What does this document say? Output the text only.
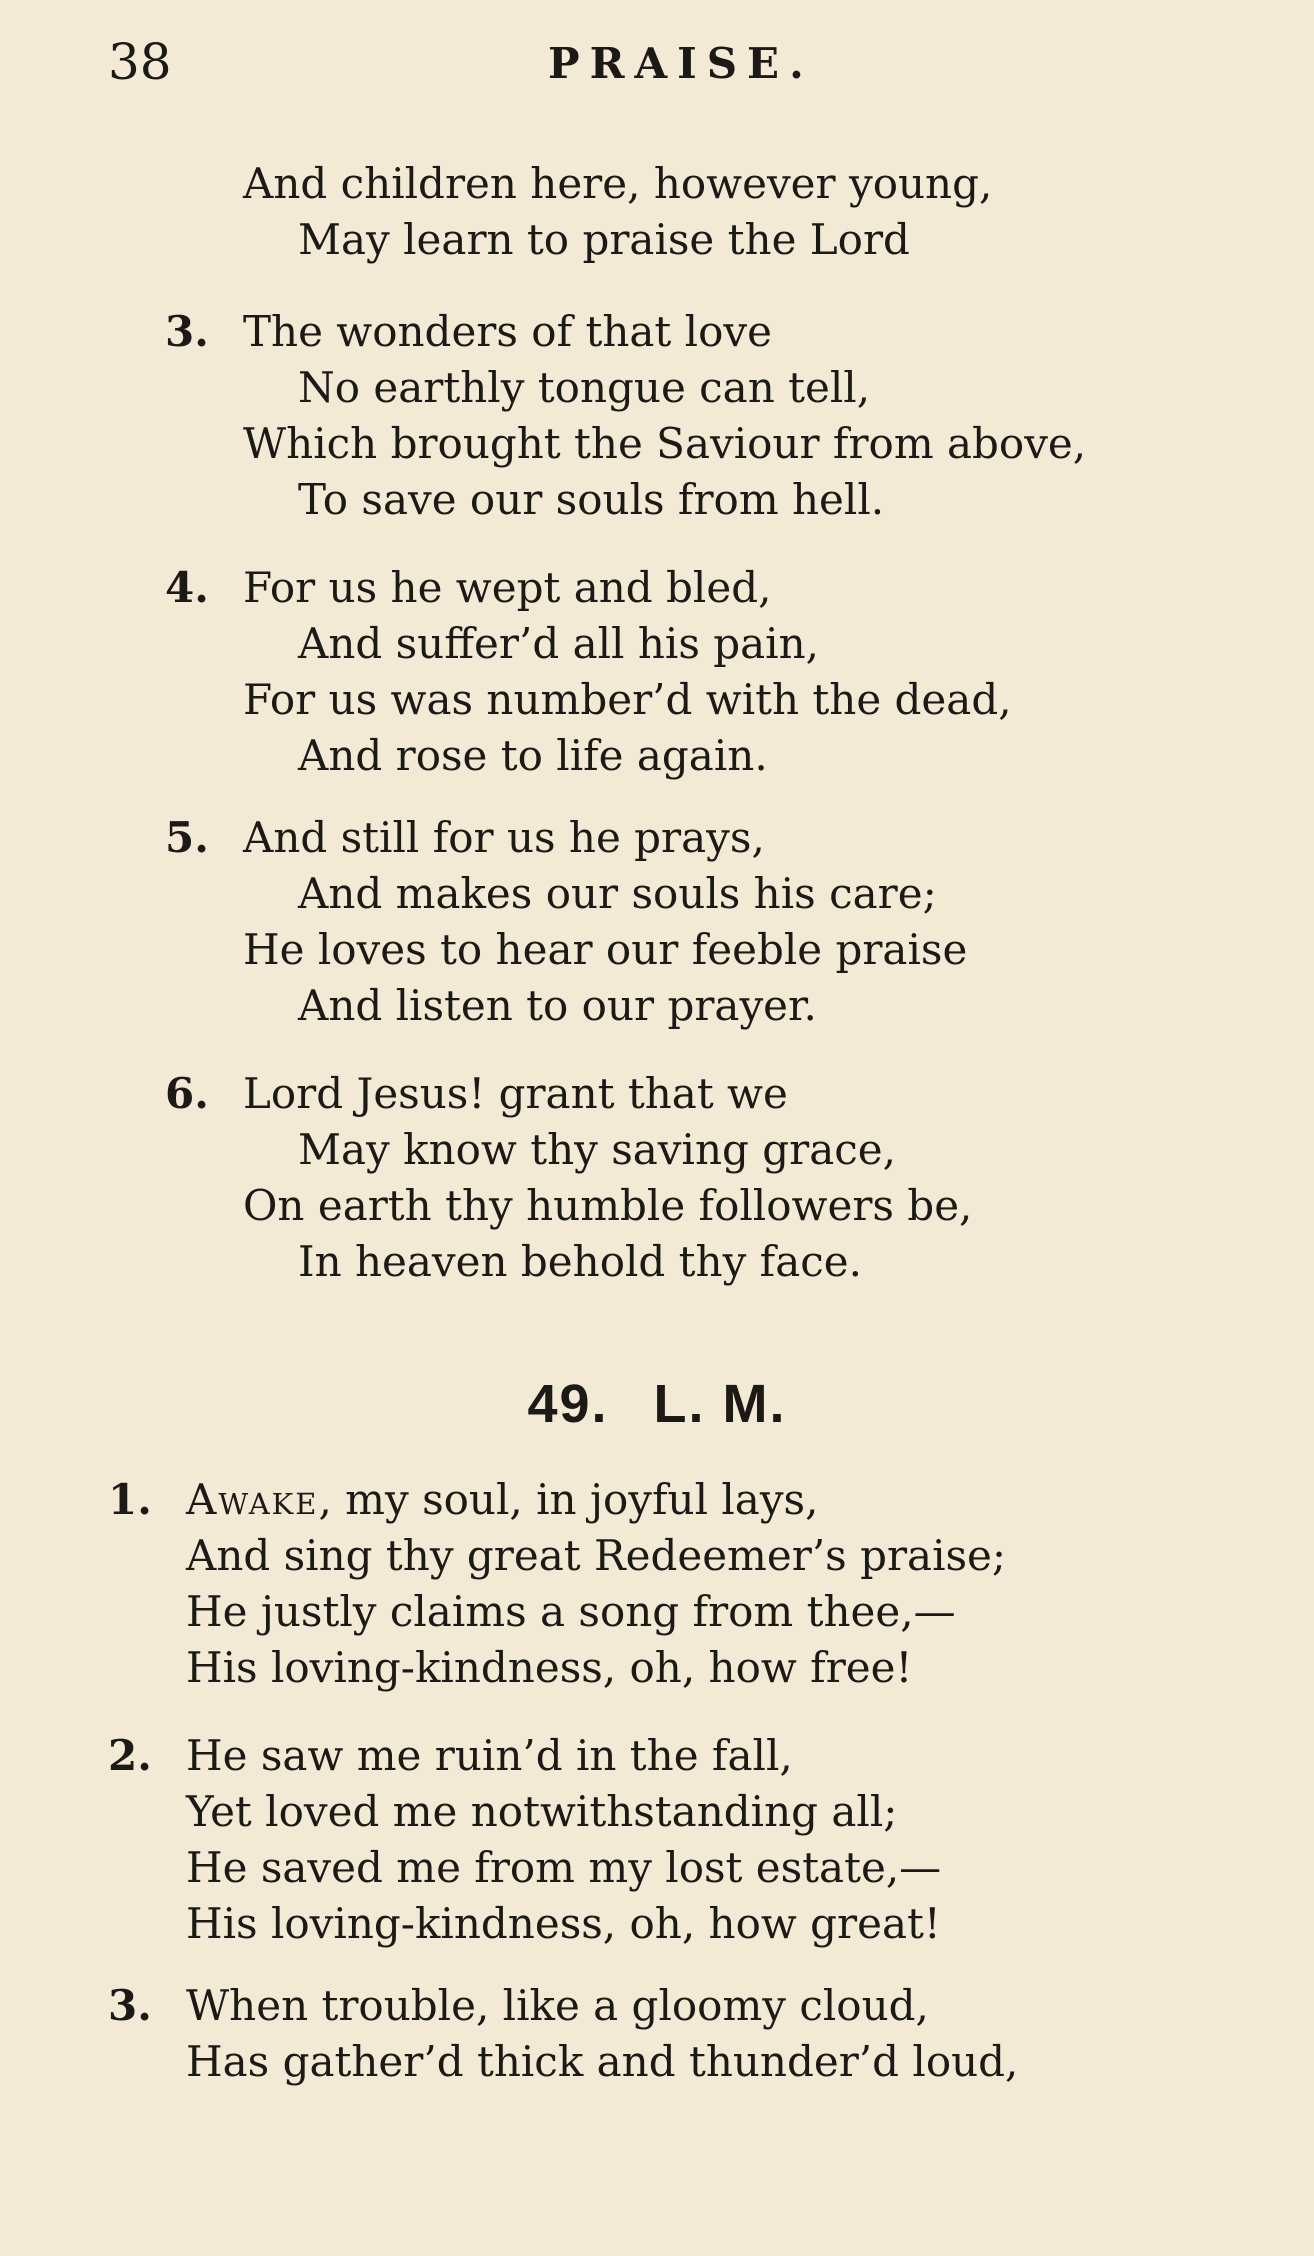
38	PRAISE.
And children here, however young,
May learn to praise the Lord
3. The wonders of that love
No earthly tongue can tell,
Which brought the Saviour from above,
To save our souls from hell.
4. For us he wept and bled,
And suffer’d all his pain,
For us was number’d with the dead,
And rose to life again.
5. And still for us he prays,
And makes our souls his care;
He loves to hear our feeble praise
And listen to our prayer.
6. Lord Jesus! grant that we
May know thy saving grace,
On earth thy humble followers be,
In heaven behold thy face.
49. L. M.
1. Awake, my soul, in joyful lays,
And sing thy great Redeemer’s praise;
He justly claims a song from thee,—
His loving-kindness, oh, how free!
2. He saw me ruin’d in the fall,
Yet loved me notwithstanding all;
He saved me from my lost estate,—
His loving-kindness, oh, how great!
3. When trouble, like a gloomy cloud,
Has gather’d thick and thunder’d loud,
